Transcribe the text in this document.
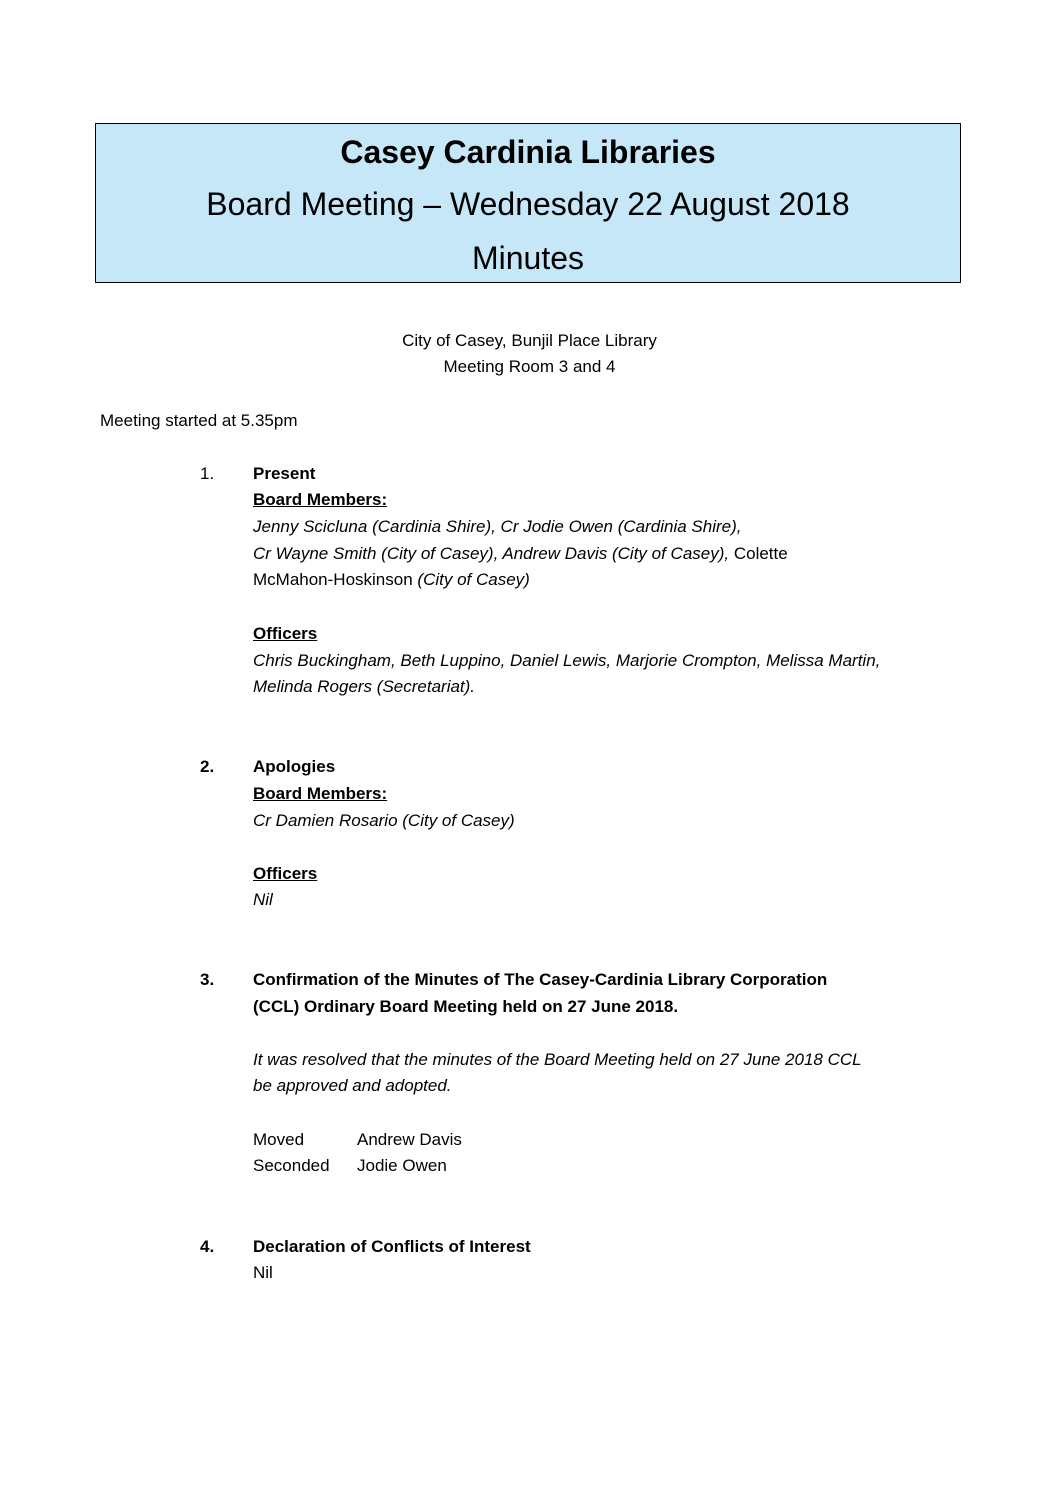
Casey Cardinia Libraries
Board Meeting – Wednesday 22 August 2018
Minutes
City of Casey, Bunjil Place Library
Meeting Room 3 and 4
Meeting started at 5.35pm
1. Present
Board Members:
Jenny Scicluna (Cardinia Shire), Cr Jodie Owen (Cardinia Shire),
Cr Wayne Smith (City of Casey), Andrew Davis (City of Casey), Colette
McMahon-Hoskinson (City of Casey)
Officers
Chris Buckingham, Beth Luppino, Daniel Lewis, Marjorie Crompton, Melissa Martin,
Melinda Rogers (Secretariat).
2. Apologies
Board Members:
Cr Damien Rosario (City of Casey)
Officers
Nil
3. Confirmation of the Minutes of The Casey-Cardinia Library Corporation
(CCL) Ordinary Board Meeting held on 27 June 2018.
It was resolved that the minutes of the Board Meeting held on 27 June 2018 CCL
be approved and adopted.
Moved	Andrew Davis
Seconded Jodie Owen
4. Declaration of Conflicts of Interest
Nil
